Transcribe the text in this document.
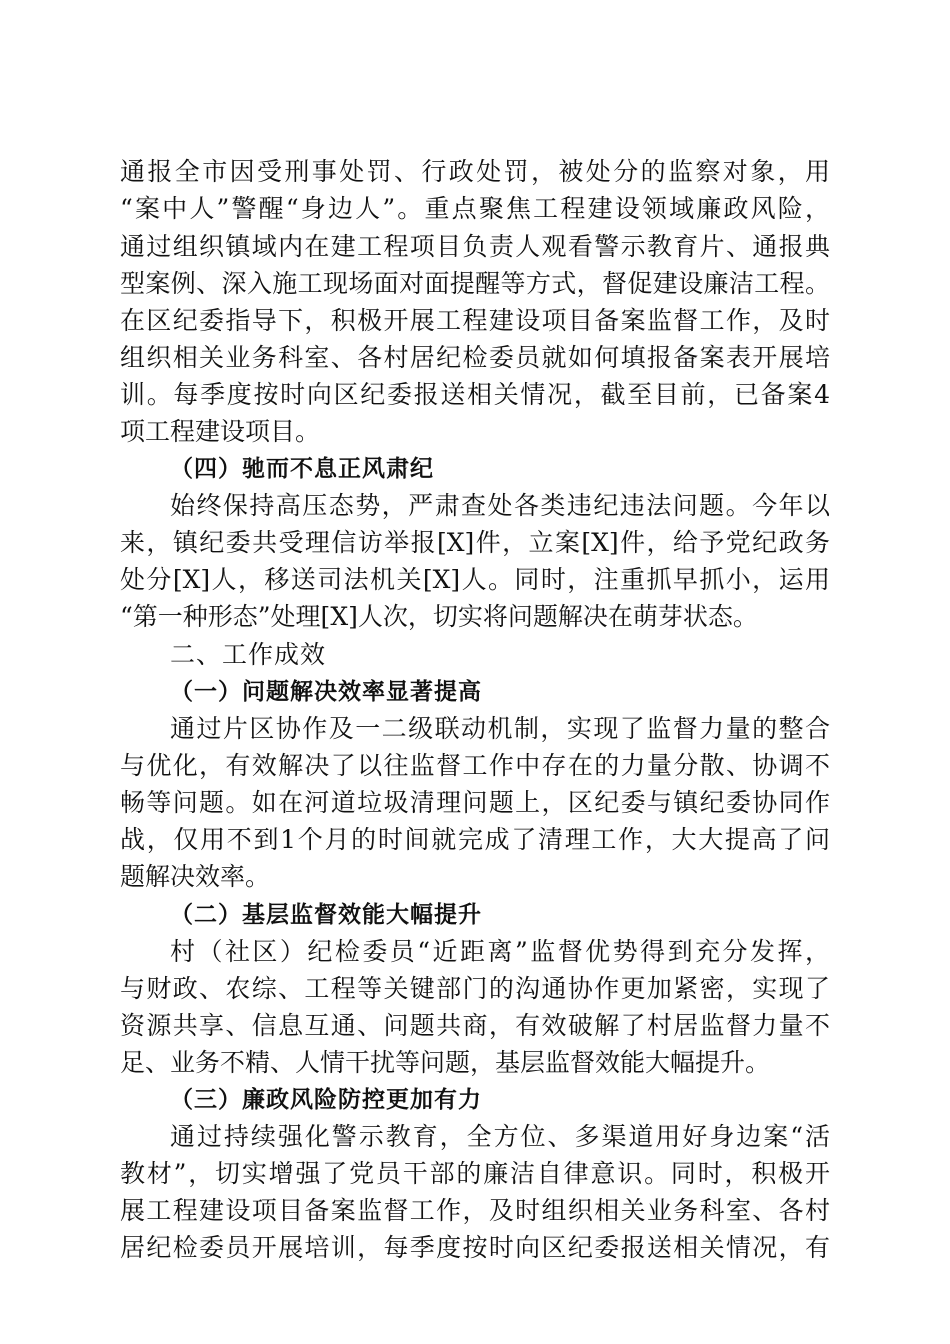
通报全市因受刑事处罚、行政处罚，被处分的监察对象，用
“案中人”警醒“身边人”。重点聚焦工程建设领域廉政风险，
通过组织镇域内在建工程项目负责人观看警示教育片、通报典
型案例、深入施工现场面对面提醒等方式，督促建设廉洁工程。
在区纪委指导下，积极开展工程建设项目备案监督工作，及时
组织相关业务科室、各村居纪检委员就如何填报备案表开展培
训。每季度按时向区纪委报送相关情况，截至目前，已备案4
项工程建设项目。
（四）驰而不息正风肃纪
始终保持高压态势，严肃查处各类违纪违法问题。今年以
来，镇纪委共受理信访举报[X]件，立案[X]件，给予党纪政务
处分[X]人，移送司法机关[X]人。同时，注重抓早抓小，运用
“第一种形态”处理[X]人次，切实将问题解决在萌芽状态。
二、工作成效
（一）问题解决效率显著提高
通过片区协作及一二级联动机制，实现了监督力量的整合
与优化，有效解决了以往监督工作中存在的力量分散、协调不
畅等问题。如在河道垃圾清理问题上，区纪委与镇纪委协同作
战，仅用不到1个月的时间就完成了清理工作，大大提高了问
题解决效率。
（二）基层监督效能大幅提升
村（社区）纪检委员“近距离”监督优势得到充分发挥，
与财政、农综、工程等关键部门的沟通协作更加紧密，实现了
资源共享、信息互通、问题共商，有效破解了村居监督力量不
足、业务不精、人情干扰等问题，基层监督效能大幅提升。
（三）廉政风险防控更加有力
通过持续强化警示教育，全方位、多渠道用好身边案“活
教材”，切实增强了党员干部的廉洁自律意识。同时，积极开
展工程建设项目备案监督工作，及时组织相关业务科室、各村
居纪检委员开展培训，每季度按时向区纪委报送相关情况，有
